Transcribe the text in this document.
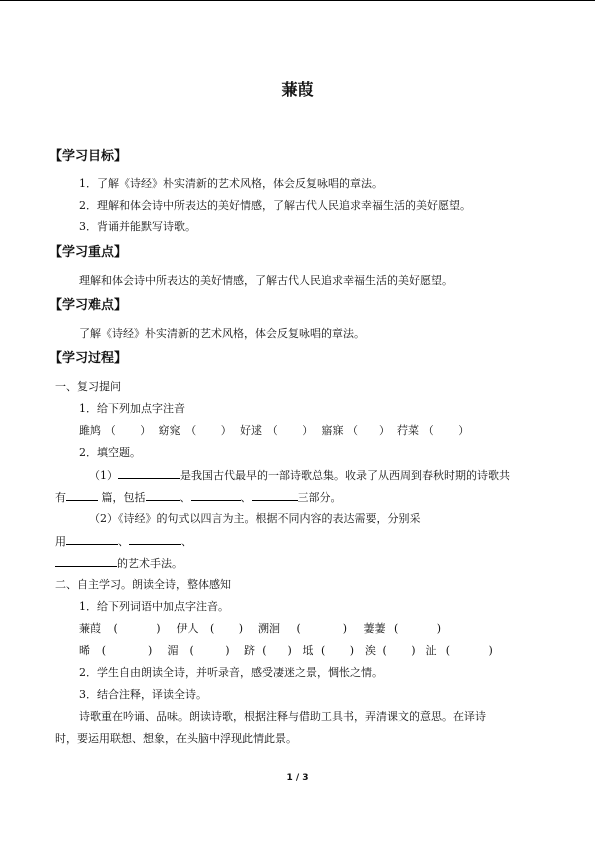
蒹葭
【学习目标】
1．了解《诗经》朴实清新的艺术风格，体会反复咏唱的章法。
2．理解和体会诗中所表达的美好情感，了解古代人民追求幸福生活的美好愿望。
3．背诵并能默写诗歌。
【学习重点】
理解和体会诗中所表达的美好情感，了解古代人民追求幸福生活的美好愿望。
【学习难点】
了解《诗经》朴实清新的艺术风格，体会反复咏唱的章法。
【学习过程】
一、复习提问
1．给下列加点字注音
雎鸠 （       ） 窈窕 （       ） 好逑 （       ） 寤寐 （      ） 荇菜 （       ）
2．填空题。
（1）	是我国古代最早的一部诗歌总集。收录了从西周到春秋时期的诗歌共
有	篇，包括	、	、	三部分。
（2）《诗经》的句式以四言为主。根据不同内容的表达需要，分别采
用	、	、
的艺术手法。
二、自主学习。朗读全诗，整体感知
1．给下列词语中加点字注音。
蒹葭 (           ) 伊人 (       ) 溯洄 (            ) 萋萋 (           )
晞 (            ) 湄 (         ) 跻 (      ) 坻 (       ) 涘 (       ) 沚 (           )
2．学生自由朗读全诗，并听录音，感受凄迷之景，惆怅之情。
3．结合注释，译读全诗。
诗歌重在吟诵、品味。朗读诗歌，根据注释与借助工具书，弄清课文的意思。在译诗
时，要运用联想、想象，在头脑中浮现此情此景。
1 / 3
